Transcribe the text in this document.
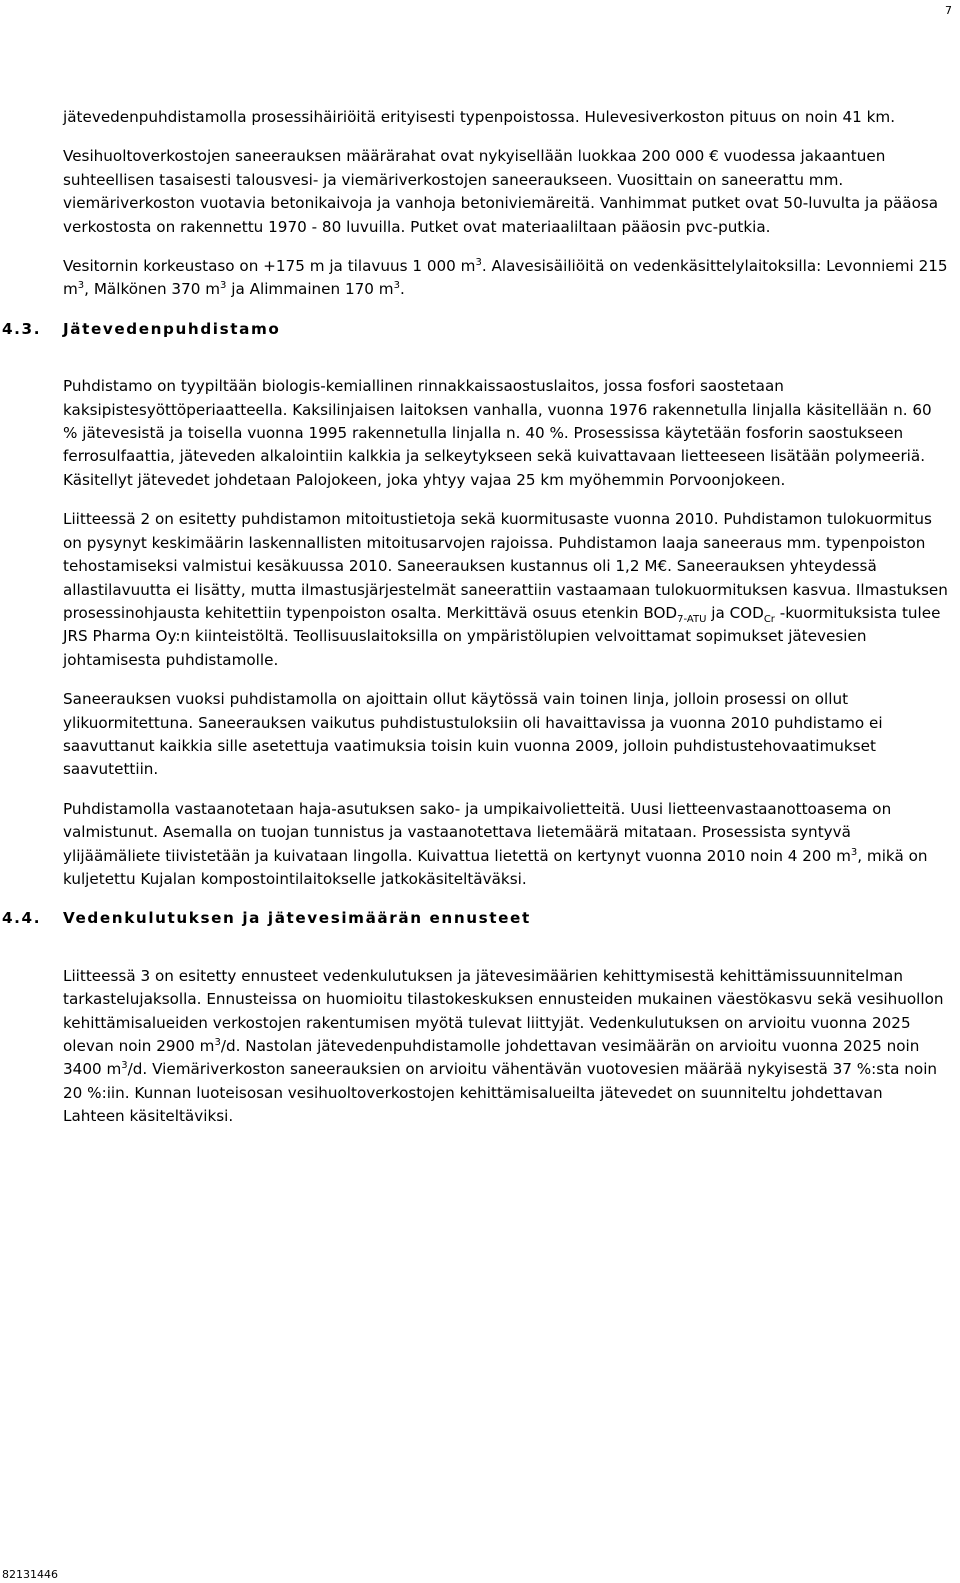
7

jätevedenpuhdistamolla prosessihäiriöitä erityisesti typenpoistossa. Hulevesiverkoston pituus on noin 41 km.

Vesihuoltoverkostojen saneerauksen määrärahat ovat nykyisellään luokkaa 200 000 € vuodessa jakaantuen suhteellisen tasaisesti talousvesi- ja viemäriverkostojen saneeraukseen. Vuosittain on saneerattu mm. viemäriverkoston vuotavia betonikaivoja ja vanhoja betoniviemäreitä. Vanhimmat putket ovat 50-luvulta ja pääosa verkostosta on rakennettu 1970 - 80 luvuilla. Putket ovat materiaaliltaan pääosin pvc-putkia.

Vesitornin korkeustaso on +175 m ja tilavuus 1 000 $m^3$. Alavesisäiliöitä on vedenkäsittelylaitoksilla: Levonniemi 215 $m^3$, Mälkönen 370 $m^3$ ja Alimmainen 170 $m^3$.

4.3. Jätevedenpuhdistamo

Puhdistamo on tyypiltään biologis-kemiallinen rinnakkaissaostuslaitos, jossa fosfori saostetaan kaksipistesyöttöperiaatteella. Kaksilinjaisen laitoksen vanhalla, vuonna 1976 rakennetulla linjalla käsitellään n. 60 % jätevesistä ja toisella vuonna 1995 rakennetulla linjalla n. 40 %. Prosessissa käytetään fosforin saostukseen ferrosulfaattia, jäteveden alkalointiin kalkkia ja selkeytykseen sekä kuivattavaan lietteeseen lisätään polymeeriä. Käsitellyt jätevedet johdetaan Palojokeen, joka yhtyy vajaa 25 km myöhemmin Porvoonjokeen.

Liitteessä 2 on esitetty puhdistamon mitoitustietoja sekä kuormitusaste vuonna 2010. Puhdistamon tulokuormitus on pysynyt keskimäärin laskennallisten mitoitusarvojen rajoissa. Puhdistamon laaja saneeraus mm. typenpoiston tehostamiseksi valmistui kesäkuussa 2010. Saneerauksen kustannus oli 1,2 M€. Saneerauksen yhteydessä allastilavuutta ei lisätty, mutta ilmastusjärjestelmät saneerattiin vastaamaan tulokuormituksen kasvua. Ilmastuksen prosessinohjausta kehitettiin typenpoiston osalta. Merkittävä osuus etenkin $BOD_{7-ATU}$ ja $COD_{Cr}$ -kuormituksista tulee JRS Pharma Oy:n kiinteistöltä. Teollisuuslaitoksilla on ympäristölupien velvoittamat sopimukset jätevesien johtamisesta puhdistamolle.

Saneerauksen vuoksi puhdistamolla on ajoittain ollut käytössä vain toinen linja, jolloin prosessi on ollut ylikuormitettuna. Saneerauksen vaikutus puhdistustuloksiin oli havaittavissa ja vuonna 2010 puhdistamo ei saavuttanut kaikkia sille asetettuja vaatimuksia toisin kuin vuonna 2009, jolloin puhdistustehovaatimukset saavutettiin.

Puhdistamolla vastaanotetaan haja-asutuksen sako- ja umpikaivolietteitä. Uusi lietteenvastaanottoasema on valmistunut. Asemalla on tuojan tunnistus ja vastaanotettava lietemäärä mitataan. Prosessista syntyvä ylijäämäliete tiivistetään ja kuivataan lingolla. Kuivattua lietettä on kertynyt vuonna 2010 noin 4 200 $m^3$, mikä on kuljetettu Kujalan kompostointilaitokselle jatkokäsiteltäväksi.

4.4. Vedenkulutuksen ja jätevesimäärän ennusteet

Liitteessä 3 on esitetty ennusteet vedenkulutuksen ja jätevesimäärien kehittymisestä kehittämissuunnitelman tarkastelujaksolla. Ennusteissa on huomioitu tilastokeskuksen ennusteiden mukainen väestökasvu sekä vesihuollon kehittämisalueiden verkostojen rakentumisen myötä tulevat liittyjät. Vedenkulutuksen on arvioitu vuonna 2025 olevan noin 2900 $m^3/d$. Nastolan jätevedenpuhdistamolle johdettavan vesimäärän on arvioitu vuonna 2025 noin 3400 $m^3/d$. Viemäriverkoston saneerauksien on arvioitu vähentävän vuotovesien määrää nykyisestä 37 %:sta noin 20 %:iin. Kunnan luoteisosan vesihuoltoverkostojen kehittämisalueilta jätevedet on suunniteltu johdettavan Lahteen käsiteltäviksi.

82131446
